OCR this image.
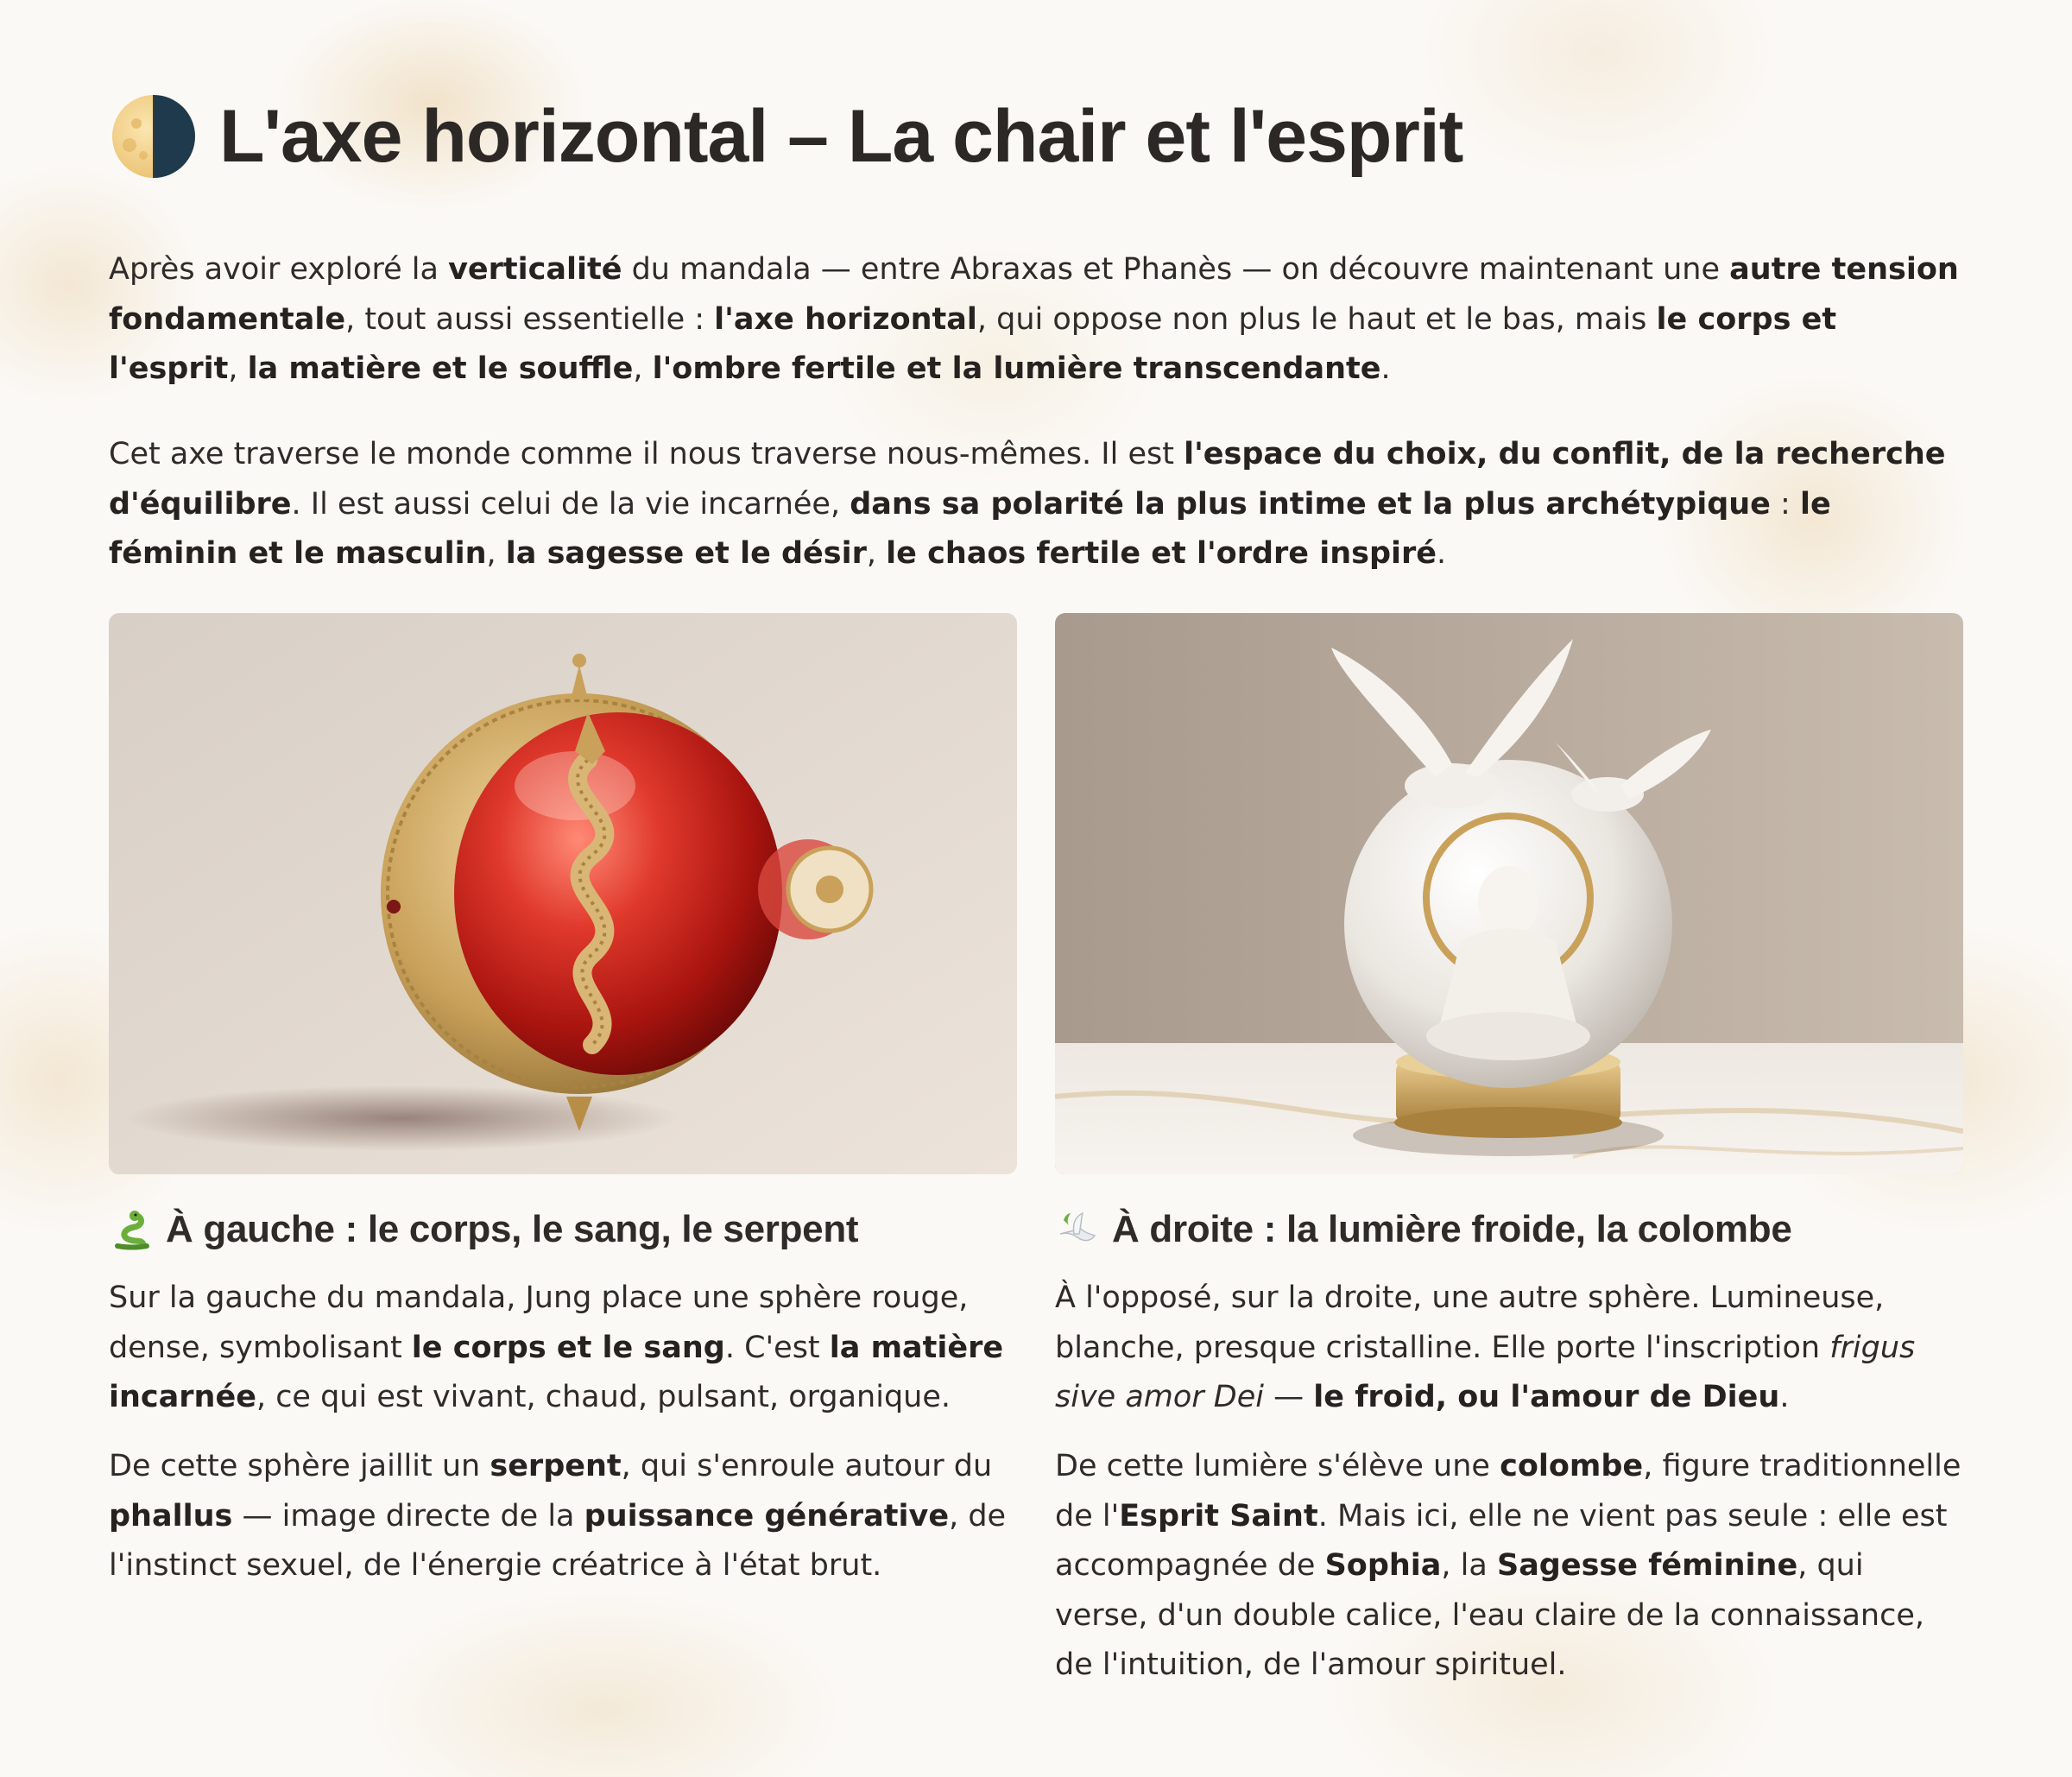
L'axe horizontal – La chair et l'esprit

Après avoir exploré la verticalité du mandala — entre Abraxas et Phanès — on découvre maintenant une autre tension fondamentale, tout aussi essentielle : l'axe horizontal, qui oppose non plus le haut et le bas, mais le corps et l'esprit, la matière et le souffle, l'ombre fertile et la lumière transcendante.

Cet axe traverse le monde comme il nous traverse nous-mêmes. Il est l'espace du choix, du conflit, de la recherche d'équilibre. Il est aussi celui de la vie incarnée, dans sa polarité la plus intime et la plus archétypique : le féminin et le masculin, la sagesse et le désir, le chaos fertile et l'ordre inspiré.

À gauche : le corps, le sang, le serpent	À droite : la lumière froide, la colombe

Sur la gauche du mandala, Jung place une sphère rouge, dense, symbolisant le corps et le sang. C'est la matière incarnée, ce qui est vivant, chaud, pulsant, organique.

De cette sphère jaillit un serpent, qui s'enroule autour du phallus — image directe de la puissance générative, de l'instinct sexuel, de l'énergie créatrice à l'état brut.

À l'opposé, sur la droite, une autre sphère. Lumineuse, blanche, presque cristalline. Elle porte l'inscription frigus sive amor Dei — le froid, ou l'amour de Dieu.

De cette lumière s'élève une colombe, figure traditionnelle de l'Esprit Saint. Mais ici, elle ne vient pas seule : elle est accompagnée de Sophia, la Sagesse féminine, qui verse, d'un double calice, l'eau claire de la connaissance, de l'intuition, de l'amour spirituel.
